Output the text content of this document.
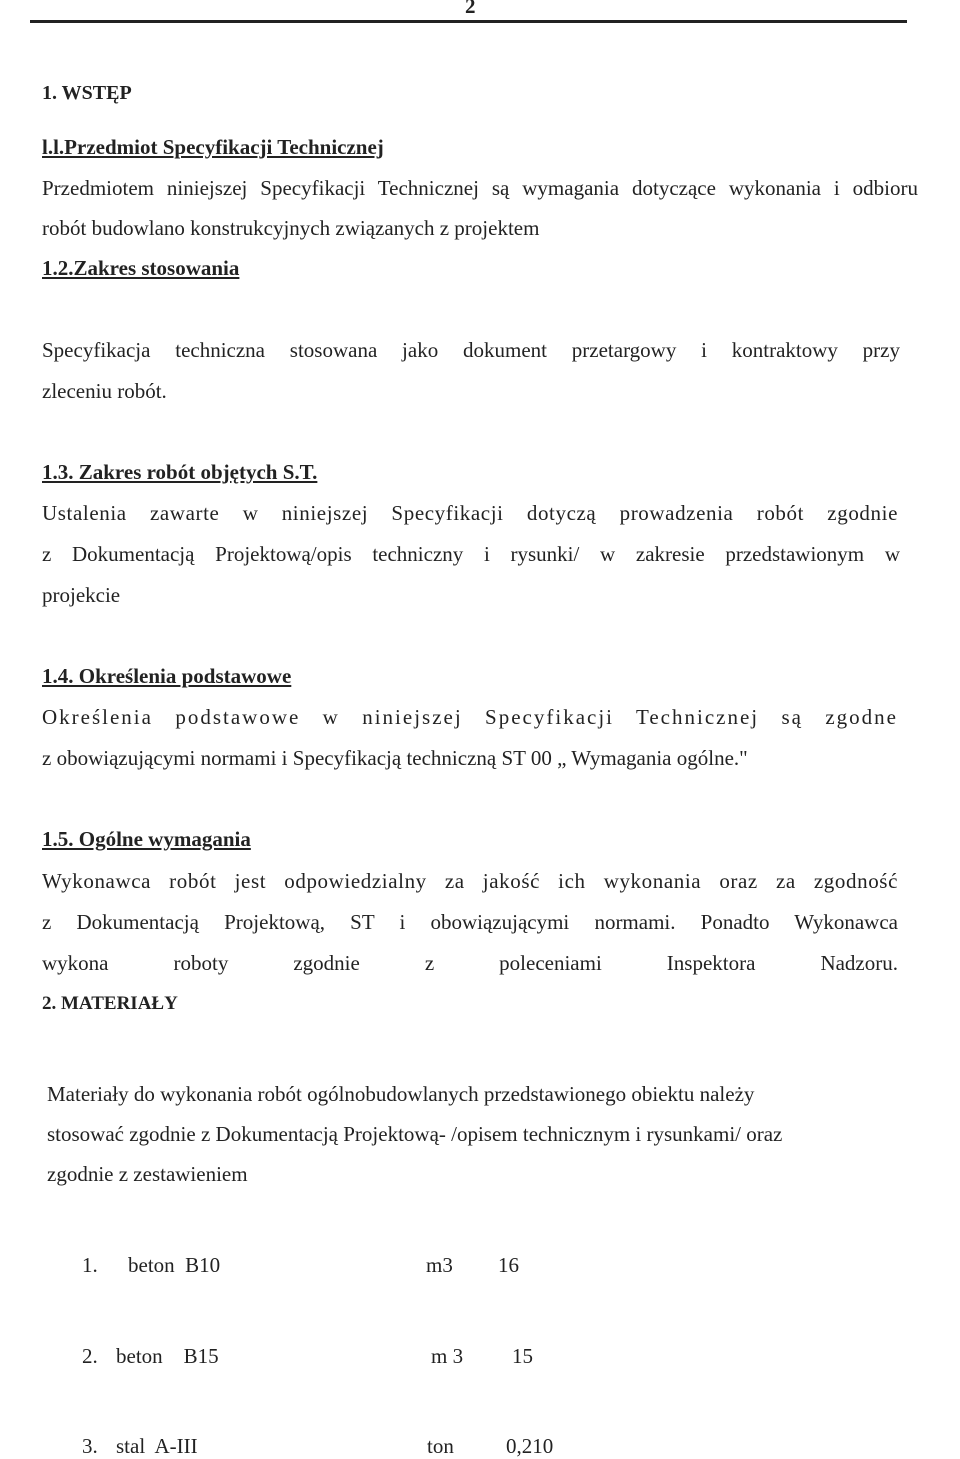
2
1. WSTĘP
l.l.Przedmiot Specyfikacji Technicznej
Przedmiotem niniejszej Specyfikacji Technicznej są wymagania dotyczące wykonania i odbioru
robót budowlano konstrukcyjnych związanych z projektem
1.2.Zakres stosowania
Specyfikacja techniczna stosowana jako dokument przetargowy i kontraktowy przy
zleceniu robót.
1.3. Zakres robót objętych S.T.
Ustalenia zawarte w niniejszej Specyfikacji dotyczą prowadzenia robót zgodnie
z Dokumentacją Projektową/opis techniczny i rysunki/ w zakresie przedstawionym w
projekcie
1.4. Określenia podstawowe
Określenia podstawowe w niniejszej Specyfikacji Technicznej są zgodne
z obowiązującymi normami i Specyfikacją techniczną ST 00 „ Wymagania ogólne."
1.5. Ogólne wymagania
Wykonawca robót jest odpowiedzialny za jakość ich wykonania oraz za zgodność
z Dokumentacją Projektową, ST i obowiązującymi normami. Ponadto Wykonawca
wykona roboty zgodnie z poleceniami Inspektora Nadzoru.
2. MATERIAŁY
Materiały do wykonania robót ogólnobudowlanych przedstawionego obiektu należy
stosować zgodnie z Dokumentacją Projektową- /opisem technicznym i rysunkami/ oraz
zgodnie z zestawieniem
1. beton  B10	m3 16
2. beton    B15	m 3 15
3. stal  A-III	ton 0,210
